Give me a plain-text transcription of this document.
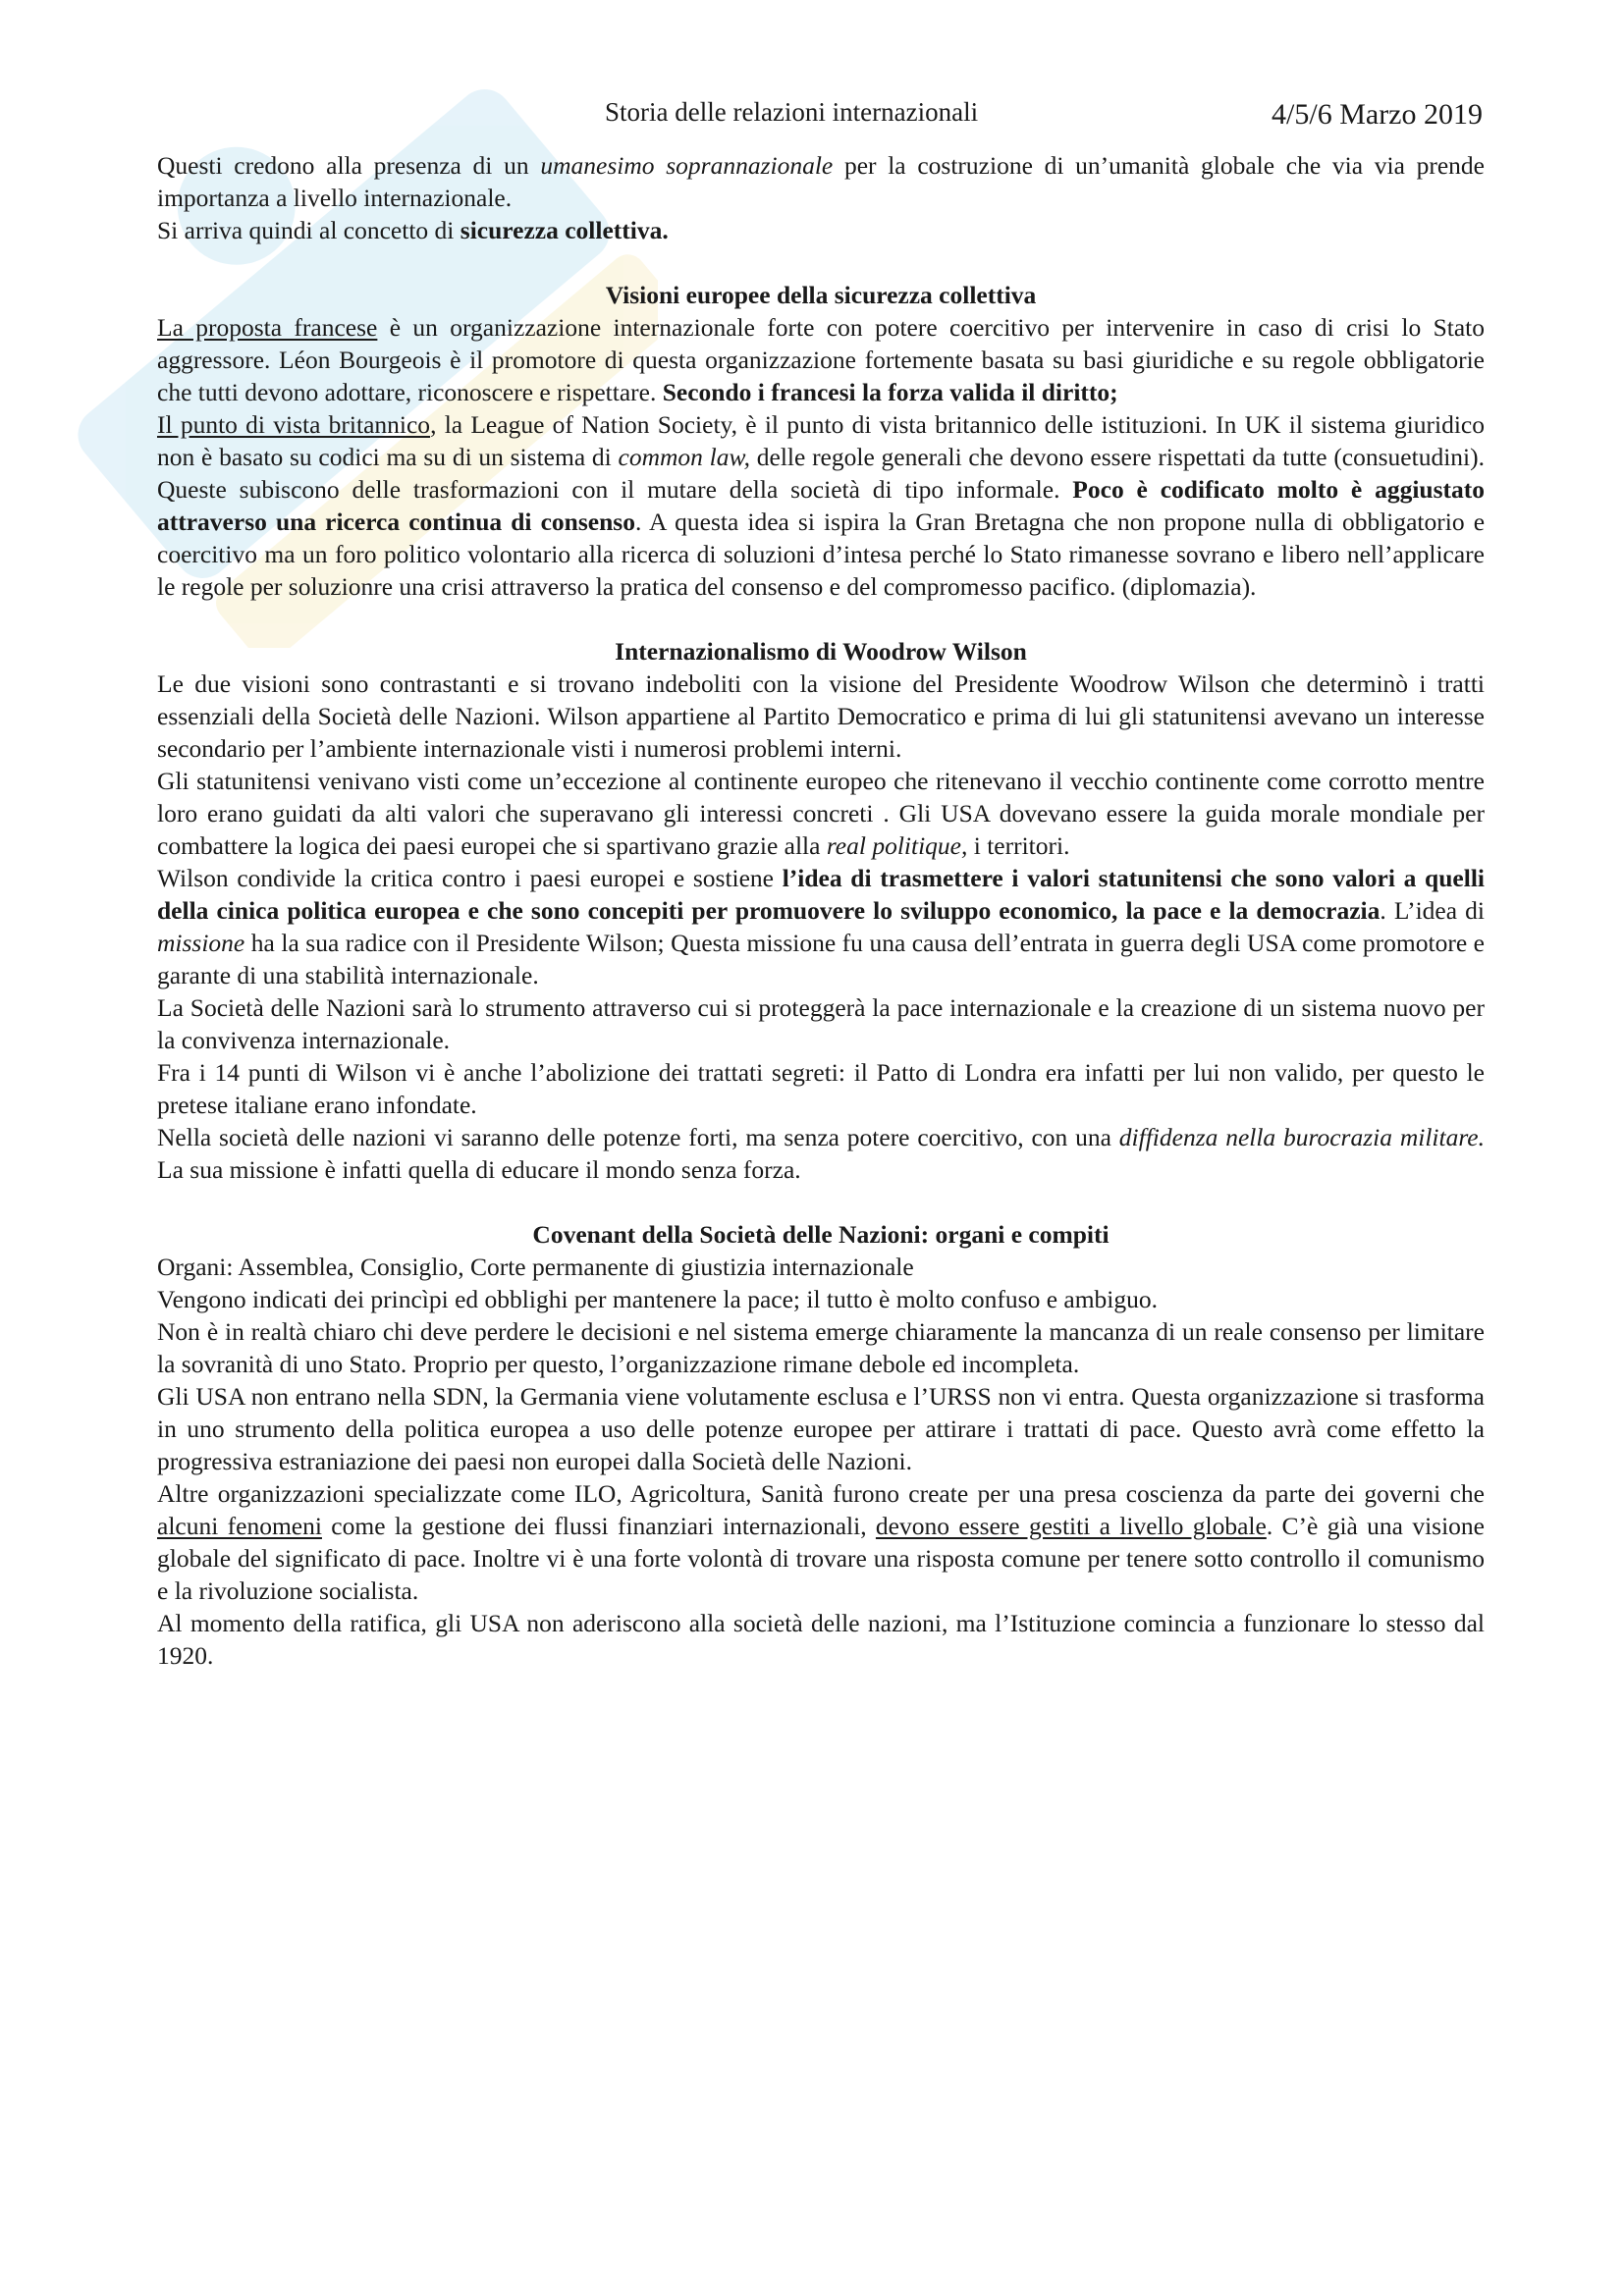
Storia delle relazioni internazionali	4/5/6 Marzo 2019

Questi credono alla presenza di un umanesimo soprannazionale per la costruzione di un’umanità globale che via via prende importanza a livello internazionale.

Si arriva quindi al concetto di sicurezza collettiva.

Visioni europee della sicurezza collettiva

La proposta francese è un organizzazione internazionale forte con potere coercitivo per intervenire in caso di crisi lo Stato aggressore. Léon Bourgeois è il promotore di questa organizzazione fortemente basata su basi giuridiche e su regole obbligatorie che tutti devono adottare, riconoscere e rispettare. Secondo i francesi la forza valida il diritto;

Il punto di vista britannico, la League of Nation Society, è il punto di vista britannico delle istituzioni. In UK il sistema giuridico non è basato su codici ma su di un sistema di common law, delle regole generali che devono essere rispettati da tutte (consuetudini). Queste subiscono delle trasformazioni con il mutare della società di tipo informale. Poco è codificato molto è aggiustato attraverso una ricerca continua di consenso. A questa idea si ispira la Gran Bretagna che non propone nulla di obbligatorio e coercitivo ma un foro politico volontario alla ricerca di soluzioni d’intesa perché lo Stato rimanesse sovrano e libero nell’applicare le regole per soluzionre una crisi attraverso la pratica del consenso e del compromesso pacifico. (diplomazia).

Internazionalismo di Woodrow Wilson

Le due visioni sono contrastanti e si trovano indeboliti con la visione del Presidente Woodrow Wilson che determinò i tratti essenziali della Società delle Nazioni. Wilson appartiene al Partito Democratico e prima di lui gli statunitensi avevano un interesse secondario per l’ambiente internazionale visti i numerosi problemi interni.

Gli statunitensi venivano visti come un’eccezione al continente europeo che ritenevano il vecchio continente come corrotto mentre loro erano guidati da alti valori che superavano gli interessi concreti . Gli USA dovevano essere la guida morale mondiale per combattere la logica dei paesi europei che si spartivano grazie alla real politique, i territori.

Wilson condivide la critica contro i paesi europei e sostiene l’idea di trasmettere i valori statunitensi che sono valori a quelli della cinica politica europea e che sono concepiti per promuovere lo sviluppo economico, la pace e la democrazia. L’idea di missione ha la sua radice con il Presidente Wilson; Questa missione fu una causa dell’entrata in guerra degli USA come promotore e garante di una stabilità internazionale.

La Società delle Nazioni sarà lo strumento attraverso cui si proteggerà la pace internazionale e la creazione di un sistema nuovo per la convivenza internazionale.

Fra i 14 punti di Wilson vi è anche l’abolizione dei trattati segreti: il Patto di Londra era infatti per lui non valido, per questo le pretese italiane erano infondate.

Nella società delle nazioni vi saranno delle potenze forti, ma senza potere coercitivo, con una diffidenza nella burocrazia militare. La sua missione è infatti quella di educare il mondo senza forza.

Covenant della Società delle Nazioni: organi e compiti

Organi: Assemblea, Consiglio, Corte permanente di giustizia internazionale

Vengono indicati dei princìpi ed obblighi per mantenere la pace; il tutto è molto confuso e ambiguo.

Non è in realtà chiaro chi deve perdere le decisioni e nel sistema emerge chiaramente la mancanza di un reale consenso per limitare la sovranità di uno Stato. Proprio per questo, l’organizzazione rimane debole ed incompleta.

Gli USA non entrano nella SDN, la Germania viene volutamente esclusa e l’URSS non vi entra. Questa organizzazione si trasforma in uno strumento della politica europea a uso delle potenze europee per attirare i trattati di pace. Questo avrà come effetto la progressiva estraniazione dei paesi non europei dalla Società delle Nazioni.

Altre organizzazioni specializzate come ILO, Agricoltura, Sanità furono create per una presa coscienza da parte dei governi che alcuni fenomeni come la gestione dei flussi finanziari internazionali, devono essere gestiti a livello globale. C’è già una visione globale del significato di pace. Inoltre vi è una forte volontà di trovare una risposta comune per tenere sotto controllo il comunismo e la rivoluzione socialista.

Al momento della ratifica, gli USA non aderiscono alla società delle nazioni, ma l’Istituzione comincia a funzionare lo stesso dal 1920.
